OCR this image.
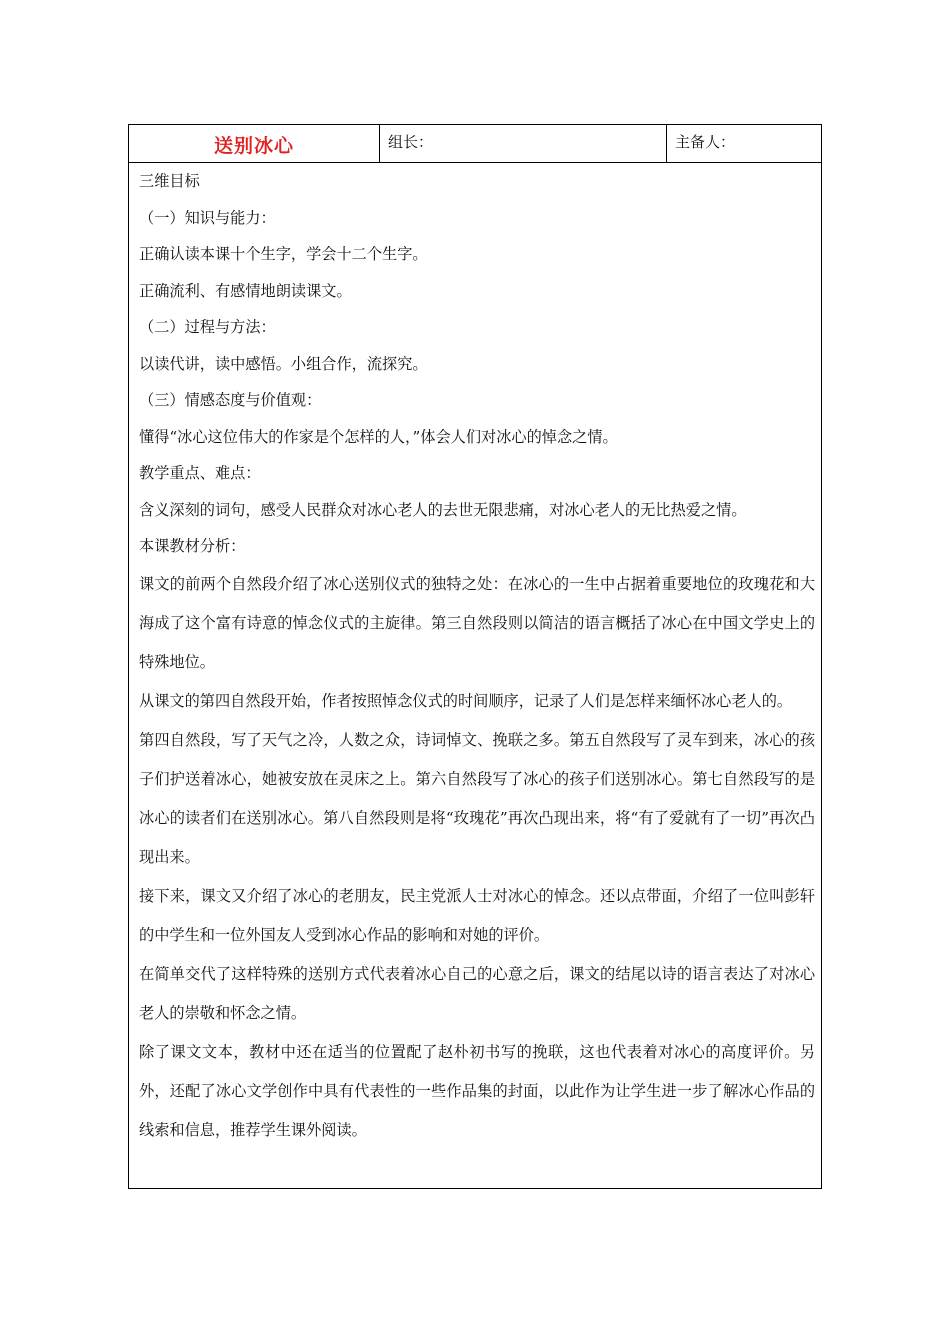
送别冰心	组长：	主备人：

三维目标

（一）知识与能力：

正确认读本课十个生字，学会十二个生字。

正确流利、有感情地朗读课文。

（二）过程与方法：

以读代讲，读中感悟。小组合作，流探究。

（三）情感态度与价值观：

懂得“冰心这位伟大的作家是个怎样的人，”体会人们对冰心的悼念之情。

教学重点、难点：

含义深刻的词句，感受人民群众对冰心老人的去世无限悲痛，对冰心老人的无比热爱之情。

本课教材分析：

课文的前两个自然段介绍了冰心送别仪式的独特之处：在冰心的一生中占据着重要地位的玫瑰花和大海成了这个富有诗意的悼念仪式的主旋律。第三自然段则以简洁的语言概括了冰心在中国文学史上的特殊地位。

从课文的第四自然段开始，作者按照悼念仪式的时间顺序，记录了人们是怎样来缅怀冰心老人的。

第四自然段，写了天气之冷，人数之众，诗词悼文、挽联之多。第五自然段写了灵车到来，冰心的孩子们护送着冰心，她被安放在灵床之上。第六自然段写了冰心的孩子们送别冰心。第七自然段写的是冰心的读者们在送别冰心。第八自然段则是将“玫瑰花”再次凸现出来，将“有了爱就有了一切”再次凸现出来。

接下来，课文又介绍了冰心的老朋友，民主党派人士对冰心的悼念。还以点带面，介绍了一位叫彭轩的中学生和一位外国友人受到冰心作品的影响和对她的评价。

在简单交代了这样特殊的送别方式代表着冰心自己的心意之后，课文的结尾以诗的语言表达了对冰心老人的崇敬和怀念之情。

除了课文文本，教材中还在适当的位置配了赵朴初书写的挽联，这也代表着对冰心的高度评价。另外，还配了冰心文学创作中具有代表性的一些作品集的封面，以此作为让学生进一步了解冰心作品的线索和信息，推荐学生课外阅读。
